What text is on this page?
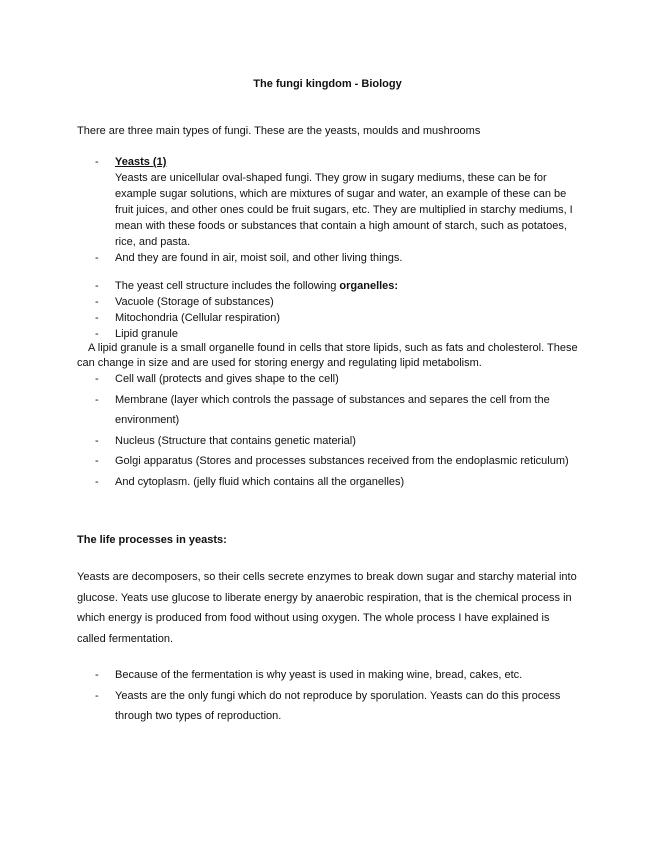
The fungi kingdom - Biology
There are three main types of fungi. These are the yeasts, moulds and mushrooms
- Yeasts (1)
Yeasts are unicellular oval-shaped fungi. They grow in sugary mediums, these can be for example sugar solutions, which are mixtures of sugar and water, an example of these can be fruit juices, and other ones could be fruit sugars, etc. They are multiplied in starchy mediums, I mean with these foods or substances that contain a high amount of starch, such as potatoes, rice, and pasta.
- And they are found in air, moist soil, and other living things.
- The yeast cell structure includes the following organelles:
- Vacuole (Storage of substances)
- Mitochondria (Cellular respiration)
- Lipid granule
A lipid granule is a small organelle found in cells that store lipids, such as fats and cholesterol. These can change in size and are used for storing energy and regulating lipid metabolism.
- Cell wall (protects and gives shape to the cell)
- Membrane (layer which controls the passage of substances and separes the cell from the environment)
- Nucleus (Structure that contains genetic material)
- Golgi apparatus (Stores and processes substances received from the endoplasmic reticulum)
- And cytoplasm. (jelly fluid which contains all the organelles)
The life processes in yeasts:
Yeasts are decomposers, so their cells secrete enzymes to break down sugar and starchy material into glucose. Yeats use glucose to liberate energy by anaerobic respiration, that is the chemical process in which energy is produced from food without using oxygen. The whole process I have explained is called fermentation.
- Because of the fermentation is why yeast is used in making wine, bread, cakes, etc.
- Yeasts are the only fungi which do not reproduce by sporulation. Yeasts can do this process through two types of reproduction.
